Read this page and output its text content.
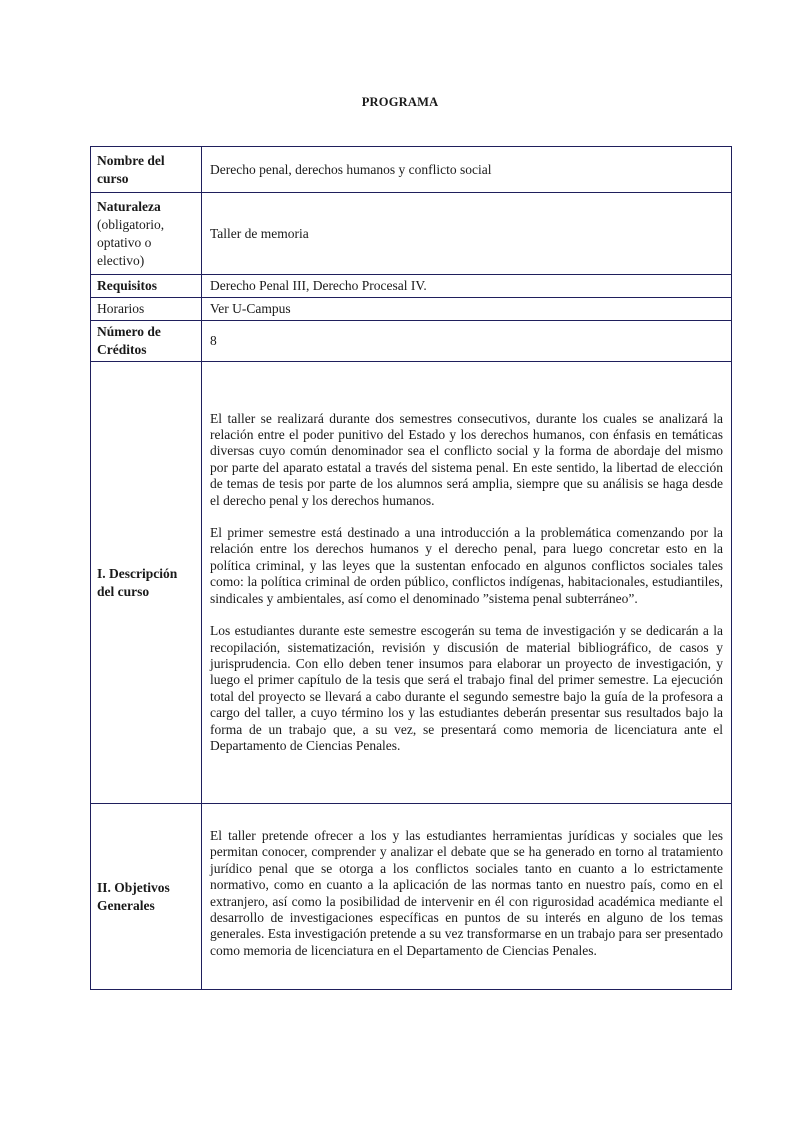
PROGRAMA
Nombre del curso	Derecho penal, derechos humanos y conflicto social
Naturaleza
(obligatorio, optativo o electivo)	Taller de memoria
Requisitos	Derecho Penal III, Derecho Procesal IV.
Horarios	Ver U-Campus
Número de Créditos	8
I. Descripción del curso	El taller se realizará durante dos semestres consecutivos, durante los cuales se analizará la relación entre el poder punitivo del Estado y los derechos humanos, con énfasis en temáticas diversas cuyo común denominador sea el conflicto social y la forma de abordaje del mismo por parte del aparato estatal a través del sistema penal. En este sentido, la libertad de elección de temas de tesis por parte de los alumnos será amplia, siempre que su análisis se haga desde el derecho penal y los derechos humanos.

El primer semestre está destinado a una introducción a la problemática comenzando por la relación entre los derechos humanos y el derecho penal, para luego concretar esto en la política criminal, y las leyes que la sustentan enfocado en algunos conflictos sociales tales como: la política criminal de orden público, conflictos indígenas, habitacionales, estudiantiles, sindicales y ambientales, así como el denominado ”sistema penal subterráneo”.

Los estudiantes durante este semestre escogerán su tema de investigación y se dedicarán a la recopilación, sistematización, revisión y discusión de material bibliográfico, de casos y jurisprudencia. Con ello deben tener insumos para elaborar un proyecto de investigación, y luego el primer capítulo de la tesis que será el trabajo final del primer semestre. La ejecución total del proyecto se llevará a cabo durante el segundo semestre bajo la guía de la profesora a cargo del taller, a cuyo término los y las estudiantes deberán presentar sus resultados bajo la forma de un trabajo que, a su vez, se presentará como memoria de licenciatura ante el Departamento de Ciencias Penales.

II. Objetivos Generales	El taller pretende ofrecer a los y las estudiantes herramientas jurídicas y sociales que les permitan conocer, comprender y analizar el debate que se ha generado en torno al tratamiento jurídico penal que se otorga a los conflictos sociales tanto en cuanto a lo estrictamente normativo, como en cuanto a la aplicación de las normas tanto en nuestro país, como en el extranjero, así como la posibilidad de intervenir en él con rigurosidad académica mediante el desarrollo de investigaciones específicas en puntos de su interés en alguno de los temas generales. Esta investigación pretende a su vez transformarse en un trabajo para ser presentado como memoria de licenciatura en el Departamento de Ciencias Penales.
